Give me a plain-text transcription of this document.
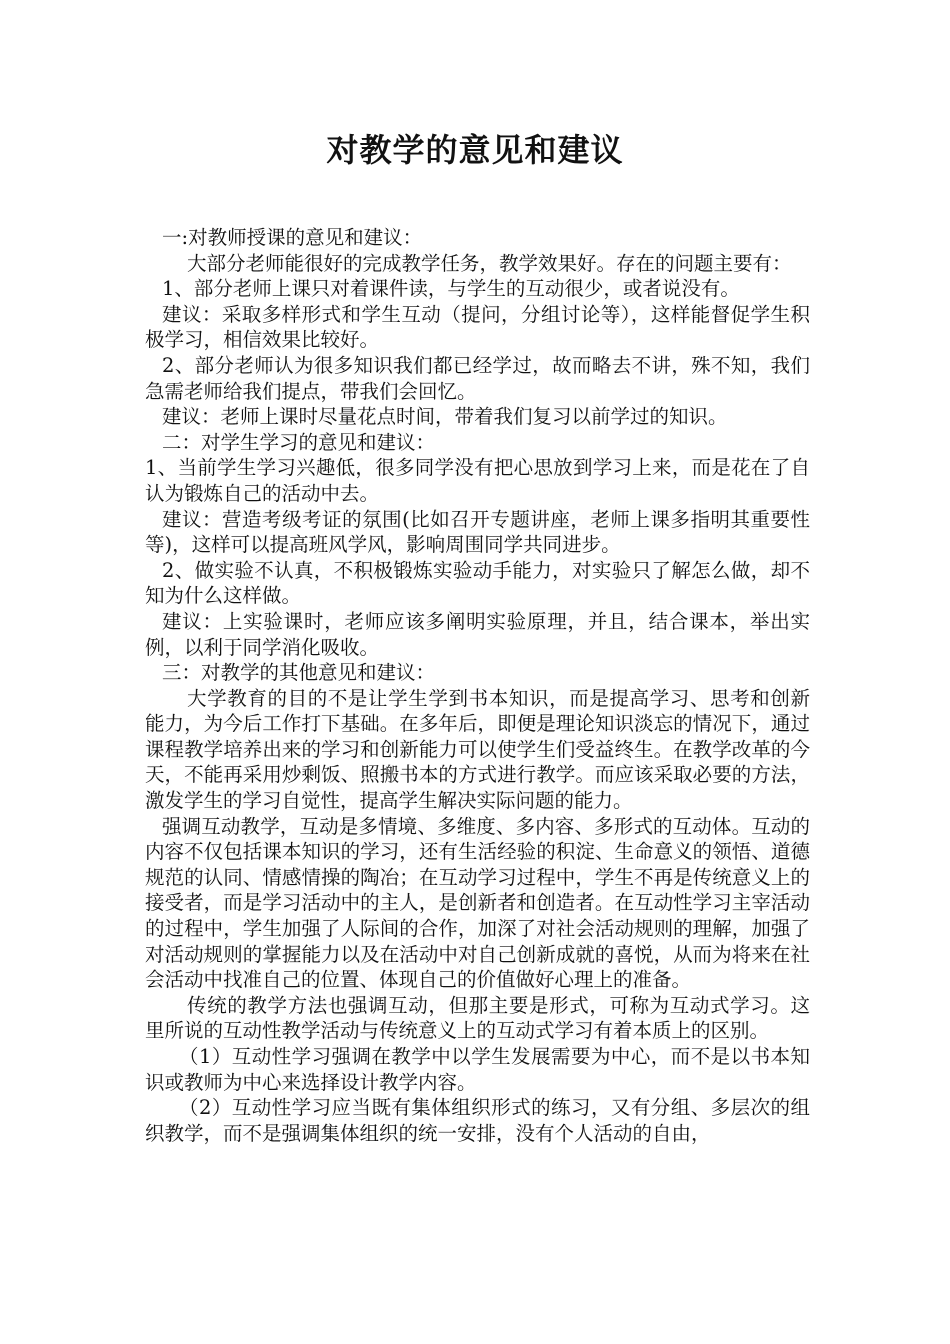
对教学的意见和建议

一:对教师授课的意见和建议：

大部分老师能很好的完成教学任务，教学效果好。存在的问题主要有：

1、部分老师上课只对着课件读，与学生的互动很少，或者说没有。

建议：采取多样形式和学生互动（提问，分组讨论等），这样能督促学生积极学习，相信效果比较好。

2、部分老师认为很多知识我们都已经学过，故而略去不讲，殊不知，我们急需老师给我们提点，带我们会回忆。

建议：老师上课时尽量花点时间，带着我们复习以前学过的知识。

二：对学生学习的意见和建议：

1、当前学生学习兴趣低，很多同学没有把心思放到学习上来，而是花在了自认为锻炼自己的活动中去。

建议：营造考级考证的氛围(比如召开专题讲座，老师上课多指明其重要性等)，这样可以提高班风学风，影响周围同学共同进步。

2、做实验不认真，不积极锻炼实验动手能力，对实验只了解怎么做，却不知为什么这样做。

建议：上实验课时，老师应该多阐明实验原理，并且，结合课本，举出实例，以利于同学消化吸收。

三：对教学的其他意见和建议：

大学教育的目的不是让学生学到书本知识，而是提高学习、思考和创新能力，为今后工作打下基础。在多年后，即便是理论知识淡忘的情况下，通过课程教学培养出来的学习和创新能力可以使学生们受益终生。在教学改革的今天，不能再采用炒剩饭、照搬书本的方式进行教学。而应该采取必要的方法，激发学生的学习自觉性，提高学生解决实际问题的能力。

强调互动教学，互动是多情境、多维度、多内容、多形式的互动体。互动的内容不仅包括课本知识的学习，还有生活经验的积淀、生命意义的领悟、道德规范的认同、情感情操的陶冶；在互动学习过程中，学生不再是传统意义上的接受者，而是学习活动中的主人，是创新者和创造者。在互动性学习主宰活动的过程中，学生加强了人际间的合作，加深了对社会活动规则的理解，加强了对活动规则的掌握能力以及在活动中对自己创新成就的喜悦，从而为将来在社会活动中找准自己的位置、体现自己的价值做好心理上的准备。

传统的教学方法也强调互动，但那主要是形式，可称为互动式学习。这里所说的互动性教学活动与传统意义上的互动式学习有着本质上的区别。

（1）互动性学习强调在教学中以学生发展需要为中心，而不是以书本知识或教师为中心来选择设计教学内容。

（2）互动性学习应当既有集体组织形式的练习，又有分组、多层次的组织教学，而不是强调集体组织的统一安排，没有个人活动的自由，
